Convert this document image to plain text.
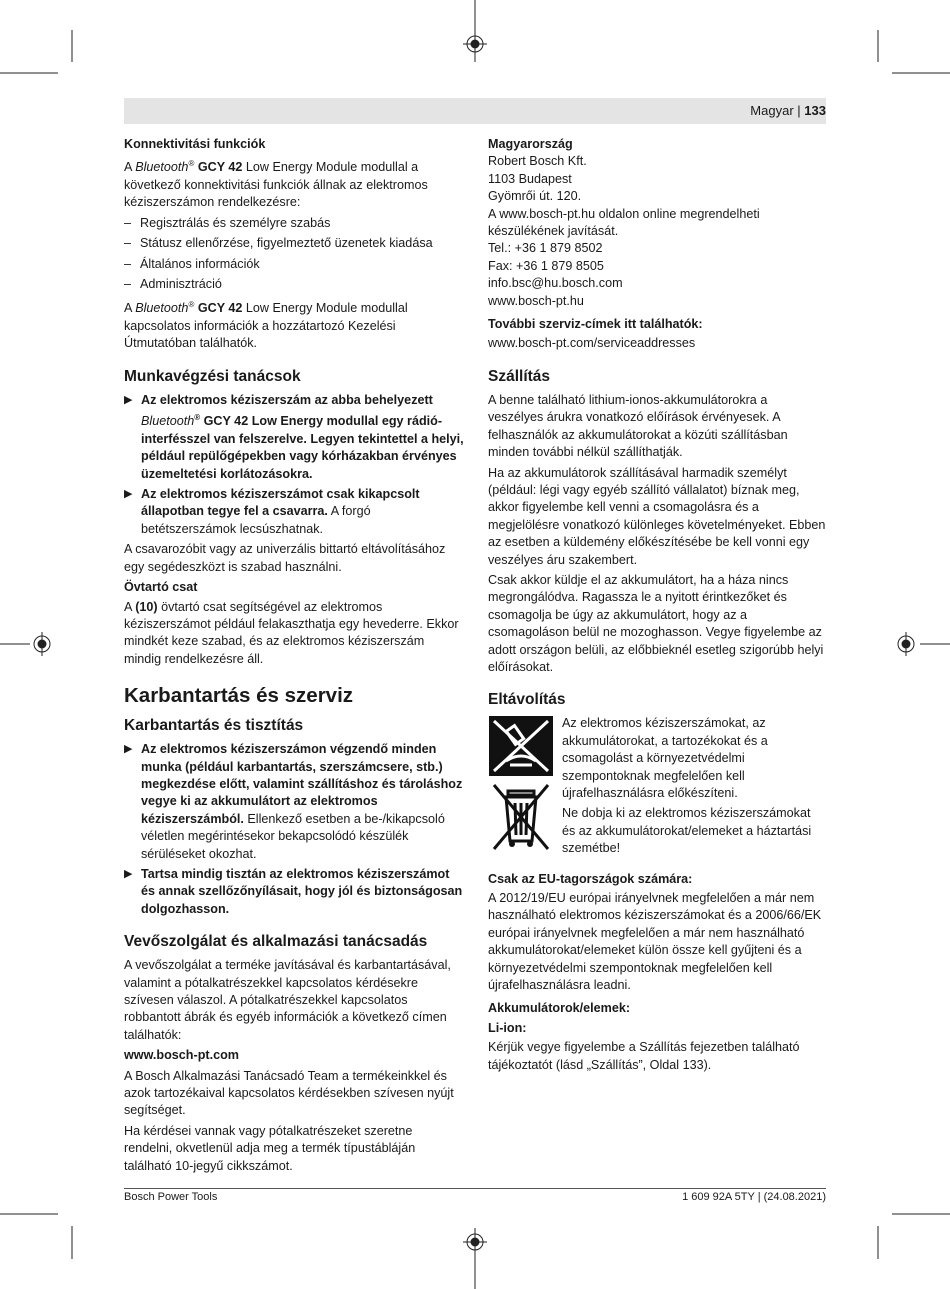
Magyar | 133
Konnektivitási funkciók

A Bluetooth® GCY 42 Low Energy Module modullal a következő konnektivitási funkciók állnak az elektromos kéziszerszámon rendelkezésre:

– Regisztrálás és személyre szabás
– Státusz ellenőrzése, figyelmeztető üzenetek kiadása
– Általános információk
– Adminisztráció

A Bluetooth® GCY 42 Low Energy Module modullal kapcsolatos információk a hozzátartozó Kezelési Útmutatóban találhatók.

Munkavégzési tanácsok
▶ Az elektromos kéziszerszám az abba behelyezett Bluetooth® GCY 42 Low Energy modullal egy rádió-interfésszel van felszerelve. Legyen tekintettel a helyi, például repülőgépekben vagy kórházakban érvényes üzemeltetési korlátozásokra.
▶ Az elektromos kéziszerszámot csak kikapcsolt állapotban tegye fel a csavarra. A forgó betétszerszámok lecsúszhatnak.

A csavarozóbit vagy az univerzális bittartó eltávolításához egy segédeszközt is szabad használni.

Övtartó csat

A (10) övtartó csat segítségével az elektromos kéziszerszámot például felakaszthatja egy hevederre. Ekkor mindkét keze szabad, és az elektromos kéziszerszám mindig rendelkezésre áll.

Karbantartás és szerviz
Karbantartás és tisztítás
▶ Az elektromos kéziszerszámon végzendő minden munka (például karbantartás, szerszámcsere, stb.) megkezdése előtt, valamint szállításhoz és tároláshoz vegye ki az akkumulátort az elektromos kéziszerszámból. Ellenkező esetben a be-/kikapcsoló véletlen megérintésekor bekapcsolódó készülék sérüléseket okozhat.
▶ Tartsa mindig tisztán az elektromos kéziszerszámot és annak szellőzőnyílásait, hogy jól és biztonságosan dolgozhasson.
Vevőszolgálat és alkalmazási tanácsadás

A vevőszolgálat a terméke javításával és karbantartásával, valamint a pótalkatrészekkel kapcsolatos kérdésekre szívesen válaszol. A pótalkatrészekkel kapcsolatos robbantott ábrák és egyéb információk a következő címen találhatók:

www.bosch-pt.com

A Bosch Alkalmazási Tanácsadó Team a termékeinkkel és azok tartozékaival kapcsolatos kérdésekben szívesen nyújt segítséget.

Ha kérdései vannak vagy pótalkatrészeket szeretne rendelni, okvetlenül adja meg a termék típustábláján található 10-jegyű cikkszámot.

Magyarország
Robert Bosch Kft.
1103 Budapest
Gyömrői út. 120.
A www.bosch-pt.hu oldalon online megrendelheti készülékének javítását.
Tel.: +36 1 879 8502
Fax: +36 1 879 8505
info.bsc@hu.bosch.com
www.bosch-pt.hu
További szerviz-címek itt találhatók:

www.bosch-pt.com/serviceaddresses

Szállítás

A benne található lithium-ionos-akkumulátorokra a veszélyes árukra vonatkozó előírások érvényesek. A felhasználók az akkumulátorokat a közúti szállításban minden további nélkül szállíthatják.

Ha az akkumulátorok szállításával harmadik személyt (például: légi vagy egyéb szállító vállalatot) bíznak meg, akkor figyelembe kell venni a csomagolásra és a megjelölésre vonatkozó különleges követelményeket. Ebben az esetben a küldemény előkészítésébe be kell vonni egy veszélyes áru szakembert.

Csak akkor küldje el az akkumulátort, ha a háza nincs megrongálódva. Ragassza le a nyitott érintkezőket és csomagolja be úgy az akkumulátort, hogy az a csomagoláson belül ne mozoghasson. Vegye figyelembe az adott országon belüli, az előbbieknél esetleg szigorúbb helyi előírásokat.

Eltávolítás

Az elektromos kéziszerszámokat, az akkumulátorokat, a tartozékokat és a csomagolást a környezetvédelmi szempontoknak megfelelően kell újrafelhasználásra előkészíteni.

Ne dobja ki az elektromos kéziszerszámokat és az akkumulátorokat/elemeket a háztartási szemétbe!

Csak az EU-tagországok számára:

A 2012/19/EU európai irányelvnek megfelelően a már nem használható elektromos kéziszerszámokat és a 2006/66/EK európai irányelvnek megfelelően a már nem használható akkumulátorokat/elemeket külön össze kell gyűjteni és a környezetvédelmi szempontoknak megfelelően kell újrafelhasználásra leadni.

Akkumulátorok/elemek:
Li-ion:

Kérjük vegye figyelembe a Szállítás fejezetben található tájékoztatót (lásd „Szállítás”, Oldal 133).

Bosch Power Tools	1 609 92A 5TY | (24.08.2021)
